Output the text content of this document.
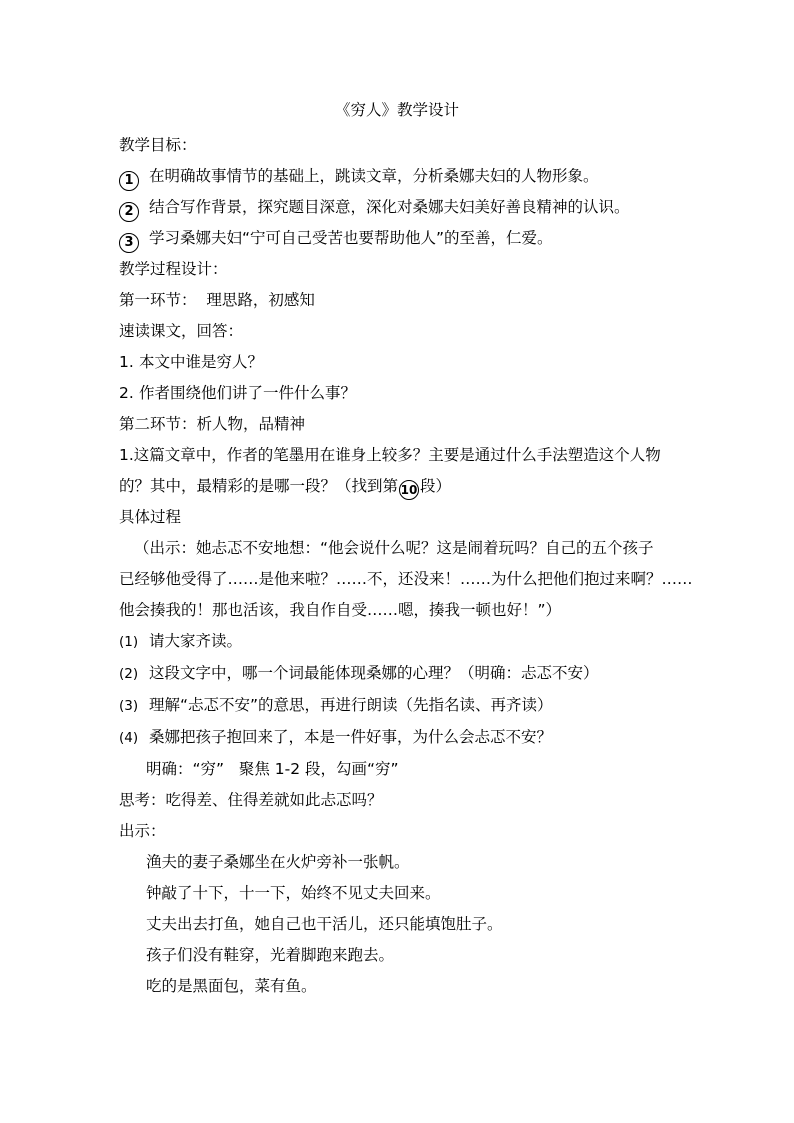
《穷人》教学设计

教学目标：

1 在明确故事情节的基础上，跳读文章，分析桑娜夫妇的人物形象。

2 结合写作背景，探究题目深意，深化对桑娜夫妇美好善良精神的认识。

3 学习桑娜夫妇“宁可自己受苦也要帮助他人”的至善，仁爱。

教学过程设计：

第一环节：  理思路，初感知

速读课文，回答：

1. 本文中谁是穷人？

2. 作者围绕他们讲了一件什么事？

第二环节：析人物，品精神

1.这篇文章中，作者的笔墨用在谁身上较多？主要是通过什么手法塑造这个人物

的？其中，最精彩的是哪一段？（找到第 10 段）

具体过程

（出示：她忐忑不安地想：“他会说什么呢？这是闹着玩吗？自己的五个孩子

已经够他受得了……是他来啦？……不，还没来！……为什么把他们抱过来啊？……

他会揍我的！那也活该，我自作自受……嗯，揍我一顿也好！”）

(1) 请大家齐读。

(2) 这段文字中，哪一个词最能体现桑娜的心理？（明确：忐忑不安）

(3) 理解“忐忑不安”的意思，再进行朗读（先指名读、再齐读）

(4) 桑娜把孩子抱回来了，本是一件好事，为什么会忐忑不安？

明确：“穷”   聚焦 1-2 段，勾画“穷”

思考：吃得差、住得差就如此忐忑吗？

出示：

渔夫的妻子桑娜坐在火炉旁补一张帆。

钟敲了十下，十一下，始终不见丈夫回来。

丈夫出去打鱼，她自己也干活儿，还只能填饱肚子。

孩子们没有鞋穿，光着脚跑来跑去。

吃的是黑面包，菜有鱼。
